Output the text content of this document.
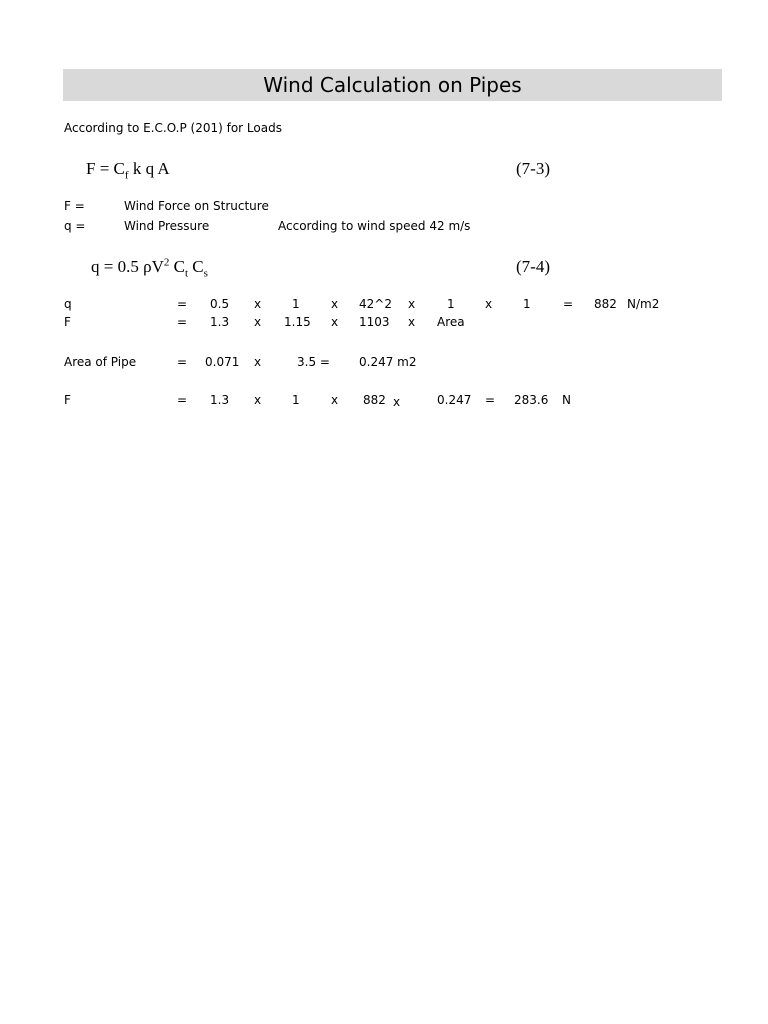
Wind Calculation on Pipes
According to E.C.O.P (201) for Loads
$F = C_f$ k q A	(7-3)
F =	Wind Force on Structure
q =	Wind Pressure	According to wind speed 42 m/s
q = 0.5 $\rho V^2$ $C_t$ $C_s$	(7-4)
q	= 0.5 x	1	x 42^2 x	1	x	1	= 882 N/m2
F	= 1.3 x 1.15 x 1103 x Area
Area of Pipe	= 0.071 x	3.5 = 0.247 m2
F	= 1.3 x	1	x 882 x	0.247 = 283.6 N
